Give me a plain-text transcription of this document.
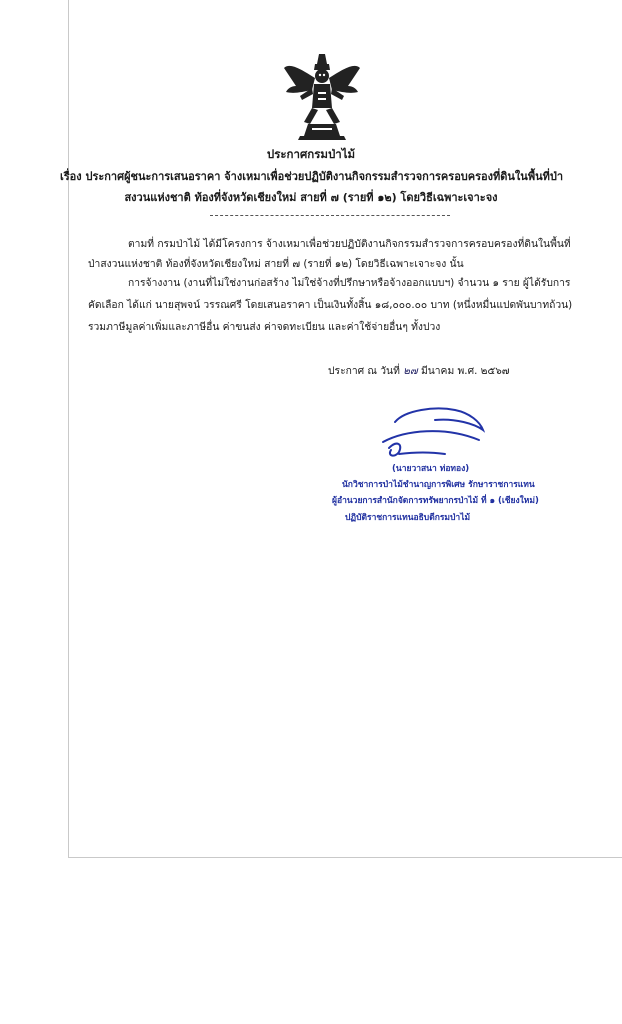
ประกาศกรมป่าไม้
เรื่อง ประกาศผู้ชนะการเสนอราคา จ้างเหมาเพื่อช่วยปฏิบัติงานกิจกรรมสำรวจการครอบครองที่ดินในพื้นที่ป่า
สงวนแห่งชาติ ท้องที่จังหวัดเชียงใหม่ สายที่ ๗ (รายที่ ๑๒) โดยวิธีเฉพาะเจาะจง
ตามที่ กรมป่าไม้ ได้มีโครงการ จ้างเหมาเพื่อช่วยปฏิบัติงานกิจกรรมสำรวจการครอบครองที่ดินในพื้นที่
ป่าสงวนแห่งชาติ ท้องที่จังหวัดเชียงใหม่ สายที่ ๗ (รายที่ ๑๒) โดยวิธีเฉพาะเจาะจง นั้น
การจ้างงาน (งานที่ไม่ใช่งานก่อสร้าง ไม่ใช่จ้างที่ปรึกษาหรือจ้างออกแบบฯ) จำนวน ๑ ราย ผู้ได้รับการ
คัดเลือก ได้แก่ นายสุพจน์ วรรณศรี โดยเสนอราคา เป็นเงินทั้งสิ้น ๑๘,๐๐๐.๐๐ บาท (หนึ่งหมื่นแปดพันบาทถ้วน)
รวมภาษีมูลค่าเพิ่มและภาษีอื่น ค่าขนส่ง ค่าจดทะเบียน และค่าใช้จ่ายอื่นๆ ทั้งปวง
ประกาศ ณ วันที่ ๒๗ มีนาคม พ.ศ. ๒๕๖๗
(นายวาสนา ท่อทอง)
นักวิชาการป่าไม้ชำนาญการพิเศษ รักษาราชการแทน
ผู้อำนวยการสำนักจัดการทรัพยากรป่าไม้ ที่ ๑ (เชียงใหม่)
ปฏิบัติราชการแทนอธิบดีกรมป่าไม้
